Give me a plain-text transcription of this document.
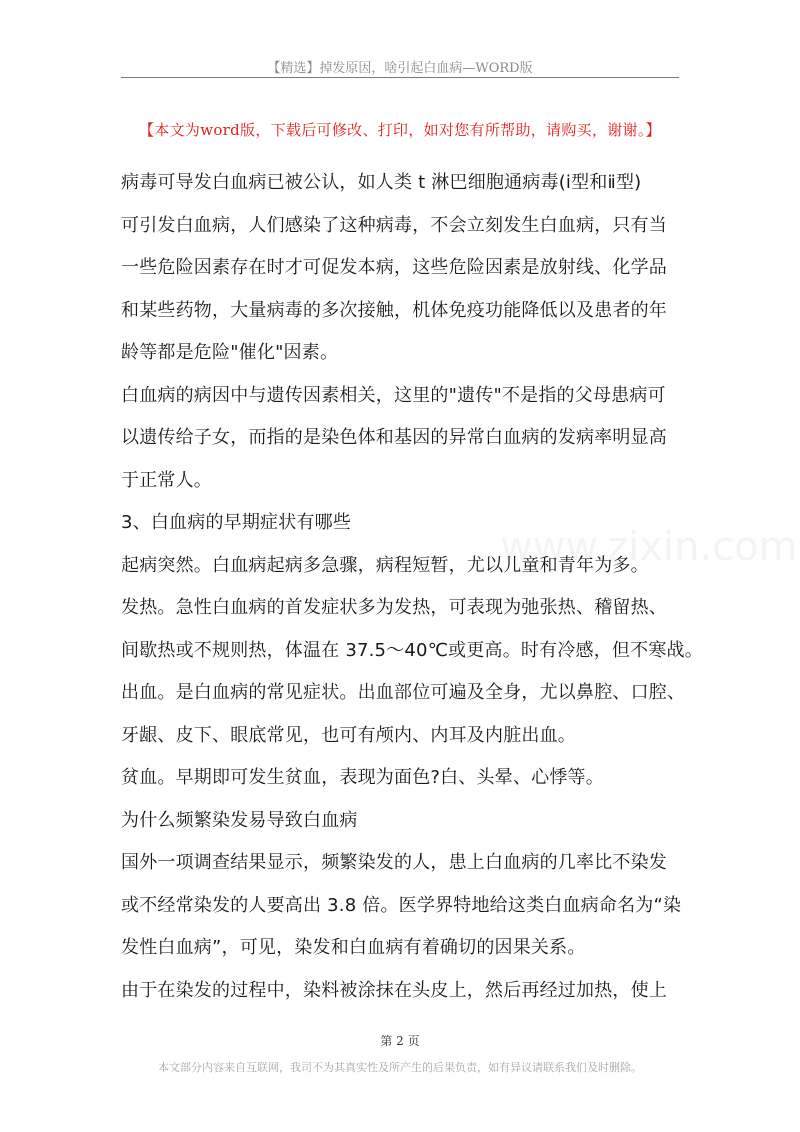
【精选】掉发原因，啥引起白血病—WORD版
【本文为word版，下载后可修改、打印，如对您有所帮助，请购买，谢谢。】
病毒可导发白血病已被公认，如人类 t 淋巴细胞通病毒(ⅰ型和ⅱ型)
可引发白血病，人们感染了这种病毒，不会立刻发生白血病，只有当
一些危险因素存在时才可促发本病，这些危险因素是放射线、化学品
和某些药物，大量病毒的多次接触，机体免疫功能降低以及患者的年
龄等都是危险"催化"因素。
白血病的病因中与遗传因素相关，这里的"遗传"不是指的父母患病可
以遗传给子女，而指的是染色体和基因的异常白血病的发病率明显高
于正常人。
3、白血病的早期症状有哪些
起病突然。白血病起病多急骤，病程短暂，尤以儿童和青年为多。
发热。急性白血病的首发症状多为发热，可表现为弛张热、稽留热、
间歇热或不规则热，体温在 37.5～40℃或更高。时有冷感，但不寒战。
出血。是白血病的常见症状。出血部位可遍及全身，尤以鼻腔、口腔、
牙龈、皮下、眼底常见，也可有颅内、内耳及内脏出血。
贫血。早期即可发生贫血，表现为面色?白、头晕、心悸等。
为什么频繁染发易导致白血病
国外一项调查结果显示，频繁染发的人，患上白血病的几率比不染发
或不经常染发的人要高出 3.8 倍。医学界特地给这类白血病命名为“染
发性白血病”，可见，染发和白血病有着确切的因果关系。
由于在染发的过程中，染料被涂抹在头皮上，然后再经过加热，使上
第 2 页
本文部分内容来自互联网，我司不为其真实性及所产生的后果负责，如有异议请联系我们及时删除。
